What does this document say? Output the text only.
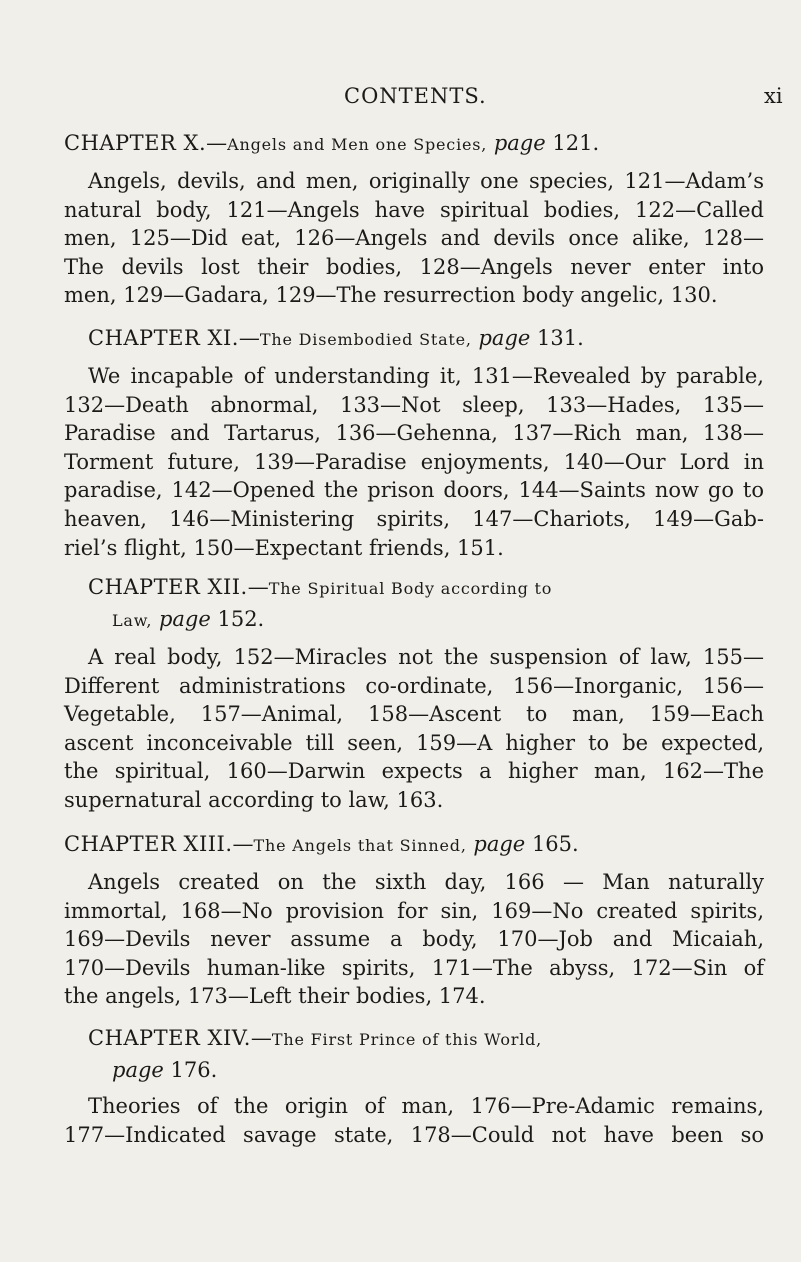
CONTENTS.	xi
CHAPTER X.—Angels and Men one Species, page 121.
Angels, devils, and men, originally one species, 121—Adam’s
natural body, 121—Angels have spiritual bodies, 122—Called
men, 125—Did eat, 126—Angels and devils once alike, 128—
The devils lost their bodies, 128—Angels never enter into
men, 129—Gadara, 129—The resurrection body angelic, 130.
CHAPTER XI.—The Disembodied State, page 131.
We incapable of understanding it, 131—Revealed by parable,
132—Death abnormal, 133—Not sleep, 133—Hades, 135—
Paradise and Tartarus, 136—Gehenna, 137—Rich man, 138—
Torment future, 139—Paradise enjoyments, 140—Our Lord in
paradise, 142—Opened the prison doors, 144—Saints now go to
heaven, 146—Ministering spirits, 147—Chariots, 149—Gab-
riel’s flight, 150—Expectant friends, 151.
CHAPTER XII.—The Spiritual Body according to
Law, page 152.
A real body, 152—Miracles not the suspension of law, 155—
Different administrations co-ordinate, 156—Inorganic, 156—
Vegetable, 157—Animal, 158—Ascent to man, 159—Each
ascent inconceivable till seen, 159—A higher to be expected,
the spiritual, 160—Darwin expects a higher man, 162—The
supernatural according to law, 163.
CHAPTER XIII.—The Angels that Sinned, page 165.
Angels created on the sixth day, 166 — Man naturally
immortal, 168—No provision for sin, 169—No created spirits,
169—Devils never assume a body, 170—Job and Micaiah,
170—Devils human-like spirits, 171—The abyss, 172—Sin of
the angels, 173—Left their bodies, 174.
CHAPTER XIV.—The First Prince of this World,
page 176.
Theories of the origin of man, 176—Pre-Adamic remains,
177—Indicated savage state, 178—Could not have been so
